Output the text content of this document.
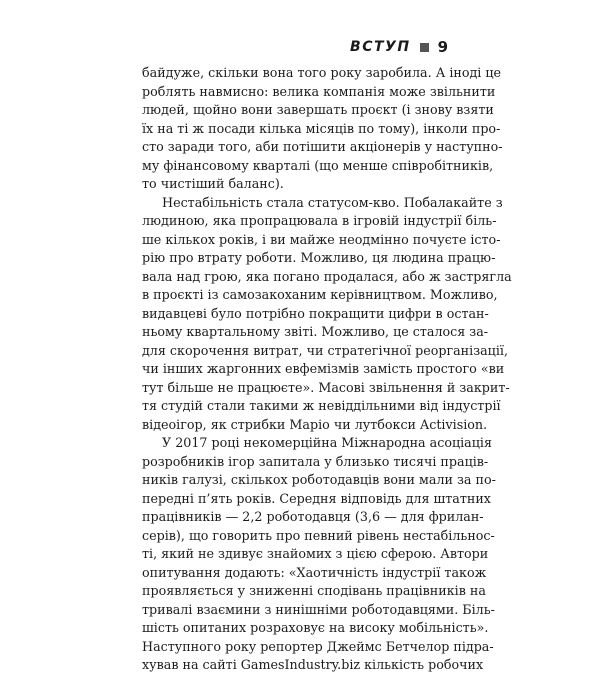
ВСТУП 9
байдуже, скільки вона того року заробила. А іноді це
роблять навмисно: велика компанія може звільнити
людей, щойно вони завершать проєкт (і знову взяти
їх на ті ж посади кілька місяців по тому), інколи про-
сто заради того, аби потішити акціонерів у наступно-
му фінансовому кварталі (що менше співробітників,
то чистіший баланс).
Нестабільність стала статусом-кво. Побалакайте з
людиною, яка пропрацювала в ігровій індустрії біль-
ше кількох років, і ви майже неодмінно почуєте істо-
рію про втрату роботи. Можливо, ця людина працю-
вала над грою, яка погано продалася, або ж застрягла
в проєкті із самозакоханим керівництвом. Можливо,
видавцеві було потрібно покращити цифри в остан-
ньому квартальному звіті. Можливо, це сталося за-
для скорочення витрат, чи стратегічної реорганізації,
чи інших жаргонних евфемізмів замість простого «ви
тут більше не працюєте». Масові звільнення й закрит-
тя студій стали такими ж невіддільними від індустрії
відеоігор, як стрибки Маріо чи лутбокси Activision.
У 2017 році некомерційна Міжнародна асоціація
розробників ігор запитала у близько тисячі праців-
ників галузі, скількох роботодавців вони мали за по-
передні п’ять років. Середня відповідь для штатних
працівників — 2,2 роботодавця (3,6 — для фрилан-
серів), що говорить про певний рівень нестабільнос-
ті, який не здивує знайомих з цією сферою. Автори
опитування додають: «Хаотичність індустрії також
проявляється у зниженні сподівань працівників на
тривалі взаємини з нинішніми роботодавцями. Біль-
шість опитаних розраховує на високу мобільність».
Наступного року репортер Джеймс Бетчелор підра-
хував на сайті GamesIndustry.biz кількість робочих
